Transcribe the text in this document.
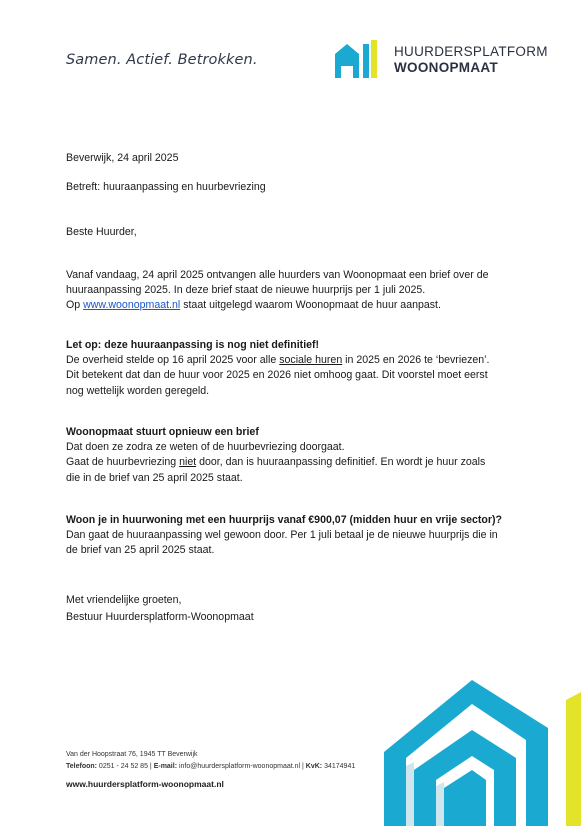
Samen. Actief. Betrokken.
HUURDERSPLATFORM
WOONOPMAAT

Beverwijk, 24 april 2025

Betreft: huuraanpassing en huurbevriezing

Beste Huurder,

Vanaf vandaag, 24 april 2025 ontvangen alle huurders van Woonopmaat een brief over de

huuraanpassing 2025. In deze brief staat de nieuwe huurprijs per 1 juli 2025.

Op www.woonopmaat.nl staat uitgelegd waarom Woonopmaat de huur aanpast.

Let op: deze huuraanpassing is nog niet definitief!

De overheid stelde op 16 april 2025 voor alle sociale huren in 2025 en 2026 te ‘bevriezen’.

Dit betekent dat dan de huur voor 2025 en 2026 niet omhoog gaat. Dit voorstel moet eerst

nog wettelijk worden geregeld.

Woonopmaat stuurt opnieuw een brief

Dat doen ze zodra ze weten of de huurbevriezing doorgaat.

Gaat de huurbevriezing niet door, dan is huuraanpassing definitief. En wordt je huur zoals

die in de brief van 25 april 2025 staat.

Woon je in huurwoning met een huurprijs vanaf €900,07 (midden huur en vrije sector)?

Dan gaat de huuraanpassing wel gewoon door. Per 1 juli betaal je de nieuwe huurprijs die in

de brief van 25 april 2025 staat.

Met vriendelijke groeten,

Bestuur Huurdersplatform-Woonopmaat

Van der Hoopstraat 76, 1945 TT Beverwijk
Telefoon: 0251 - 24 52 85 | E-mail: info@huurdersplatform-woonopmaat.nl | KvK: 34174941
www.huurdersplatform-woonopmaat.nl
